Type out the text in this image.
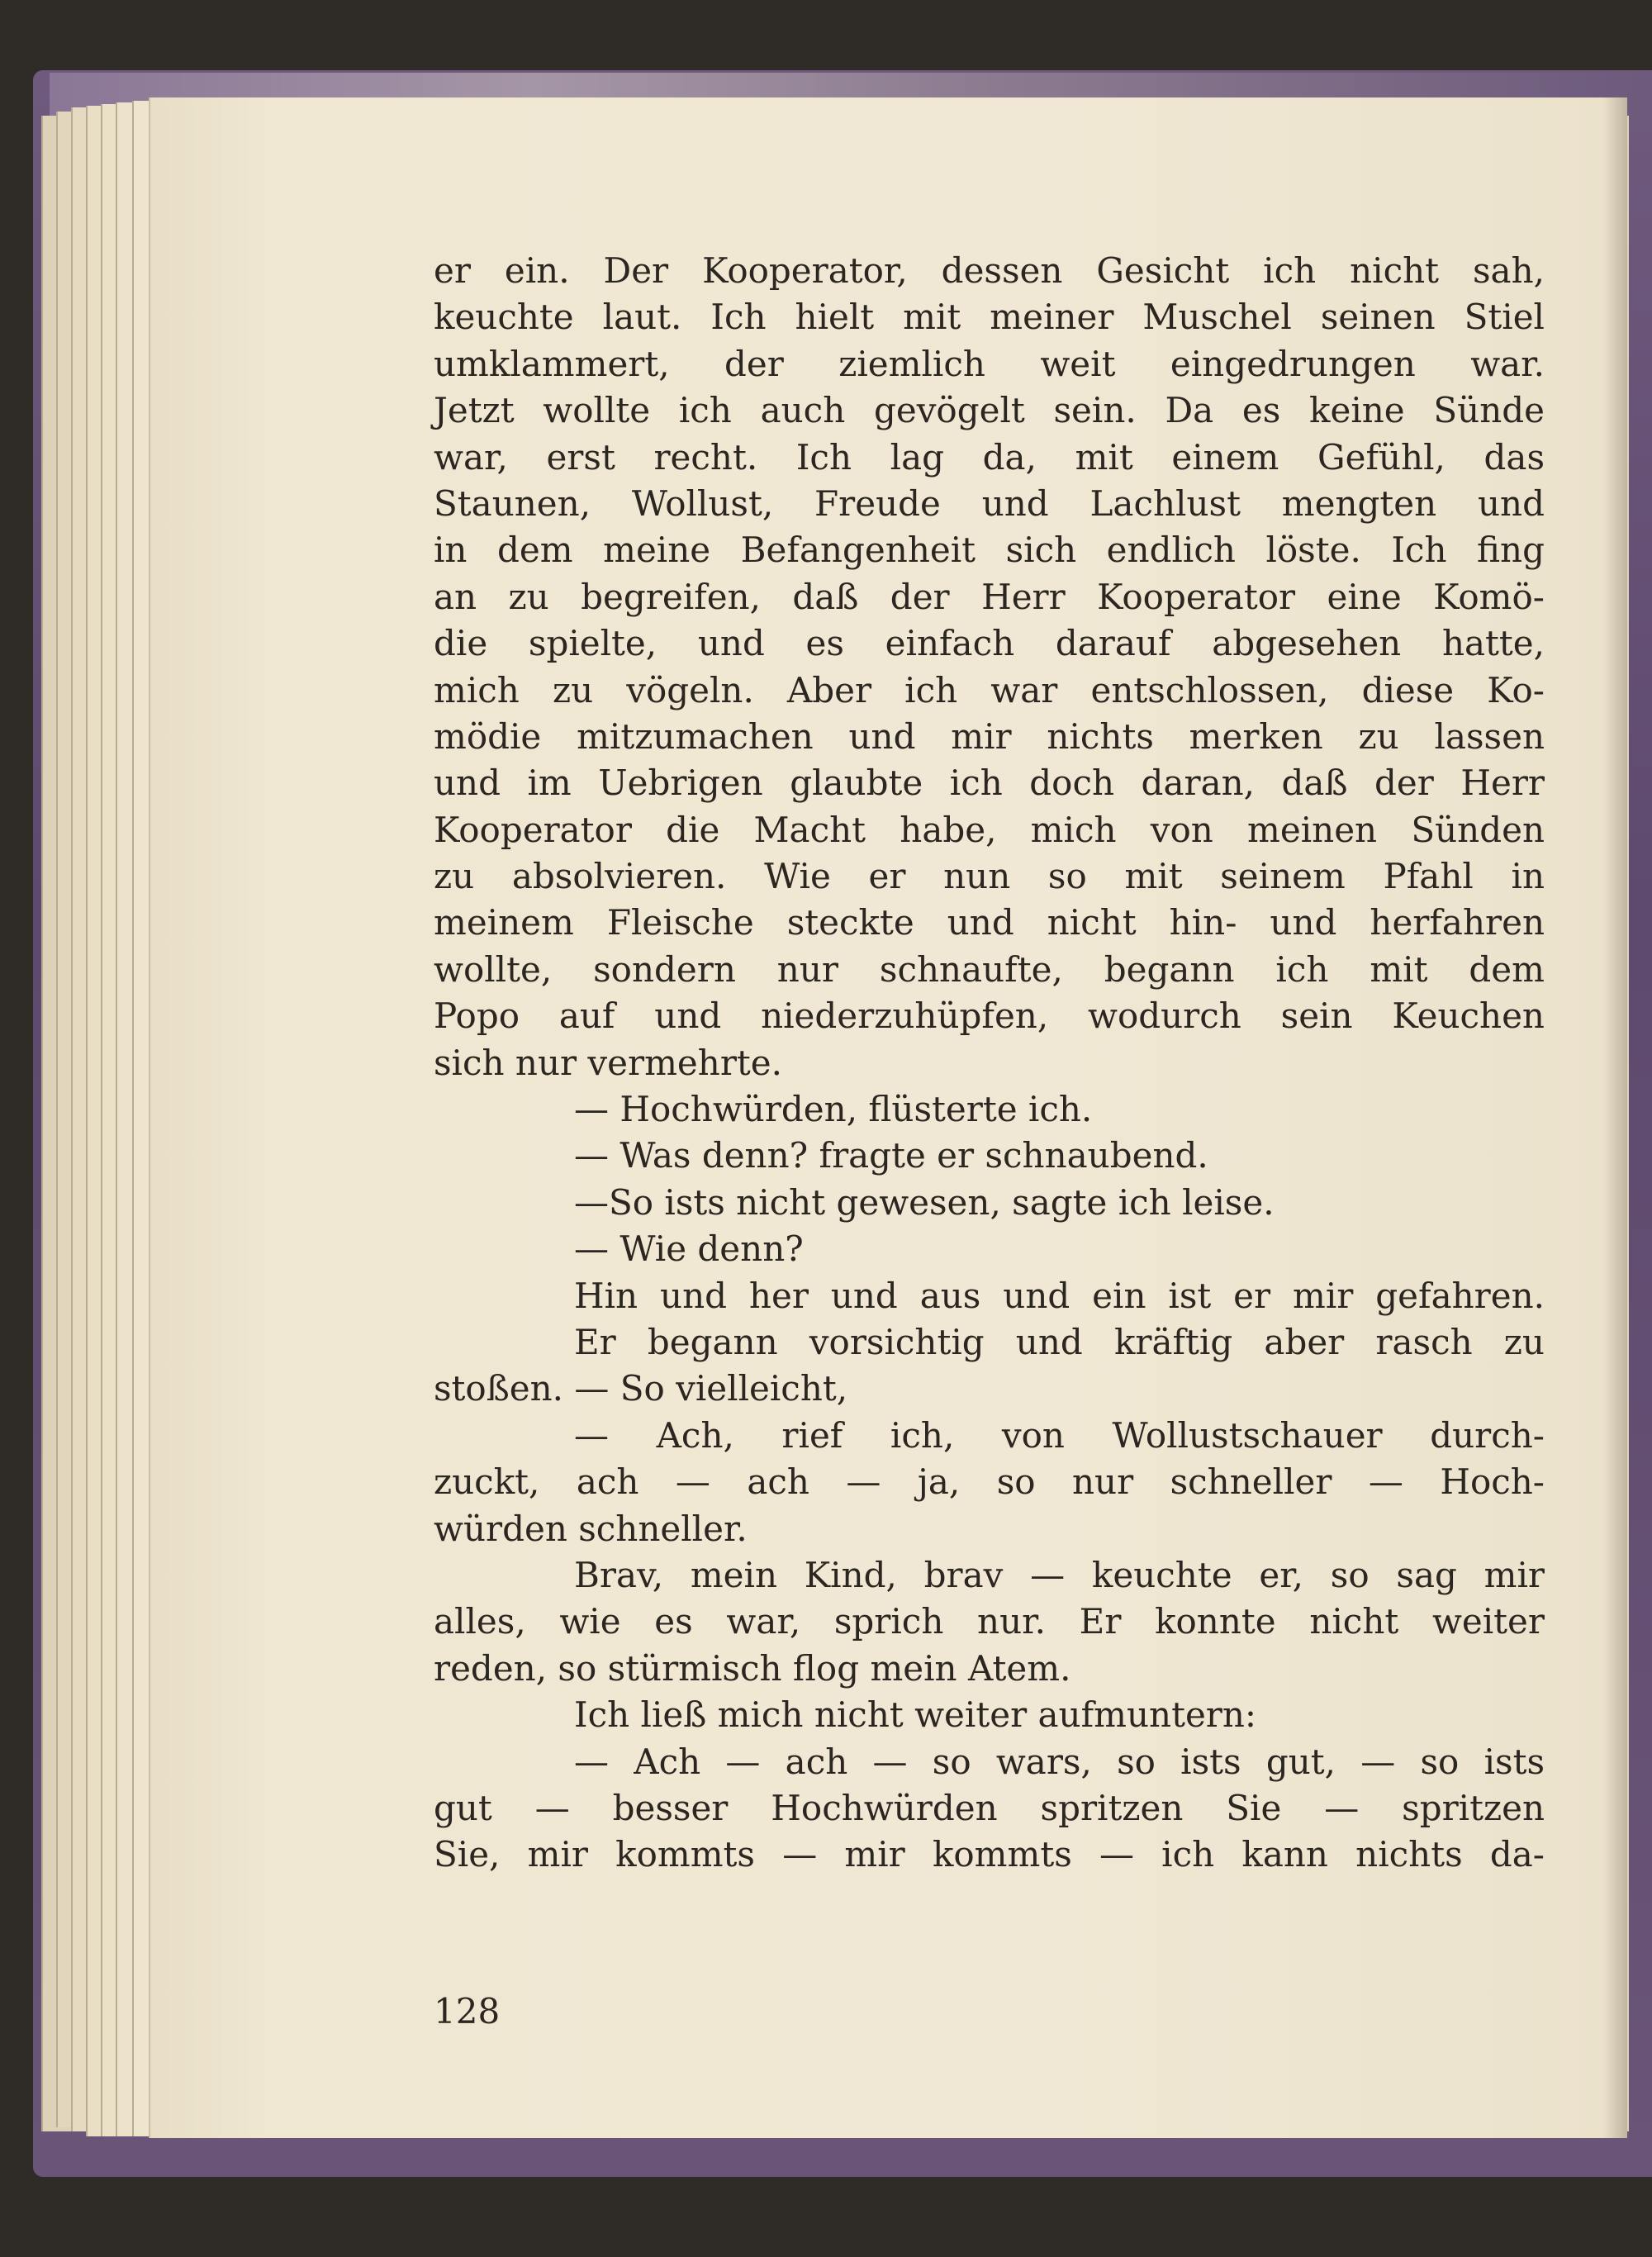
er ein. Der Kooperator, dessen Gesicht ich nicht sah,
keuchte laut. Ich hielt mit meiner Muschel seinen Stiel
umklammert, der ziemlich weit eingedrungen war.
Jetzt wollte ich auch gevögelt sein. Da es keine Sünde
war, erst recht. Ich lag da, mit einem Gefühl, das
Staunen, Wollust, Freude und Lachlust mengten und
in dem meine Befangenheit sich endlich löste. Ich fing
an zu begreifen, daß der Herr Kooperator eine Komö-
die spielte, und es einfach darauf abgesehen hatte,
mich zu vögeln. Aber ich war entschlossen, diese Ko-
mödie mitzumachen und mir nichts merken zu lassen
und im Uebrigen glaubte ich doch daran, daß der Herr
Kooperator die Macht habe, mich von meinen Sünden
zu absolvieren. Wie er nun so mit seinem Pfahl in
meinem Fleische steckte und nicht hin- und herfahren
wollte, sondern nur schnaufte, begann ich mit dem
Popo auf und niederzuhüpfen, wodurch sein Keuchen
sich nur vermehrte.
— Hochwürden, flüsterte ich.
— Was denn? fragte er schnaubend.
—So ists nicht gewesen, sagte ich leise.
— Wie denn?
Hin und her und aus und ein ist er mir gefahren.
Er begann vorsichtig und kräftig aber rasch zu
stoßen. — So vielleicht,
— Ach, rief ich, von Wollustschauer durch-
zuckt, ach — ach — ja, so nur schneller — Hoch-
würden schneller.
Brav, mein Kind, brav — keuchte er, so sag mir
alles, wie es war, sprich nur. Er konnte nicht weiter
reden, so stürmisch flog mein Atem.
Ich ließ mich nicht weiter aufmuntern:
— Ach — ach — so wars, so ists gut, — so ists
gut — besser Hochwürden spritzen Sie — spritzen
Sie, mir kommts — mir kommts — ich kann nichts da-
128
